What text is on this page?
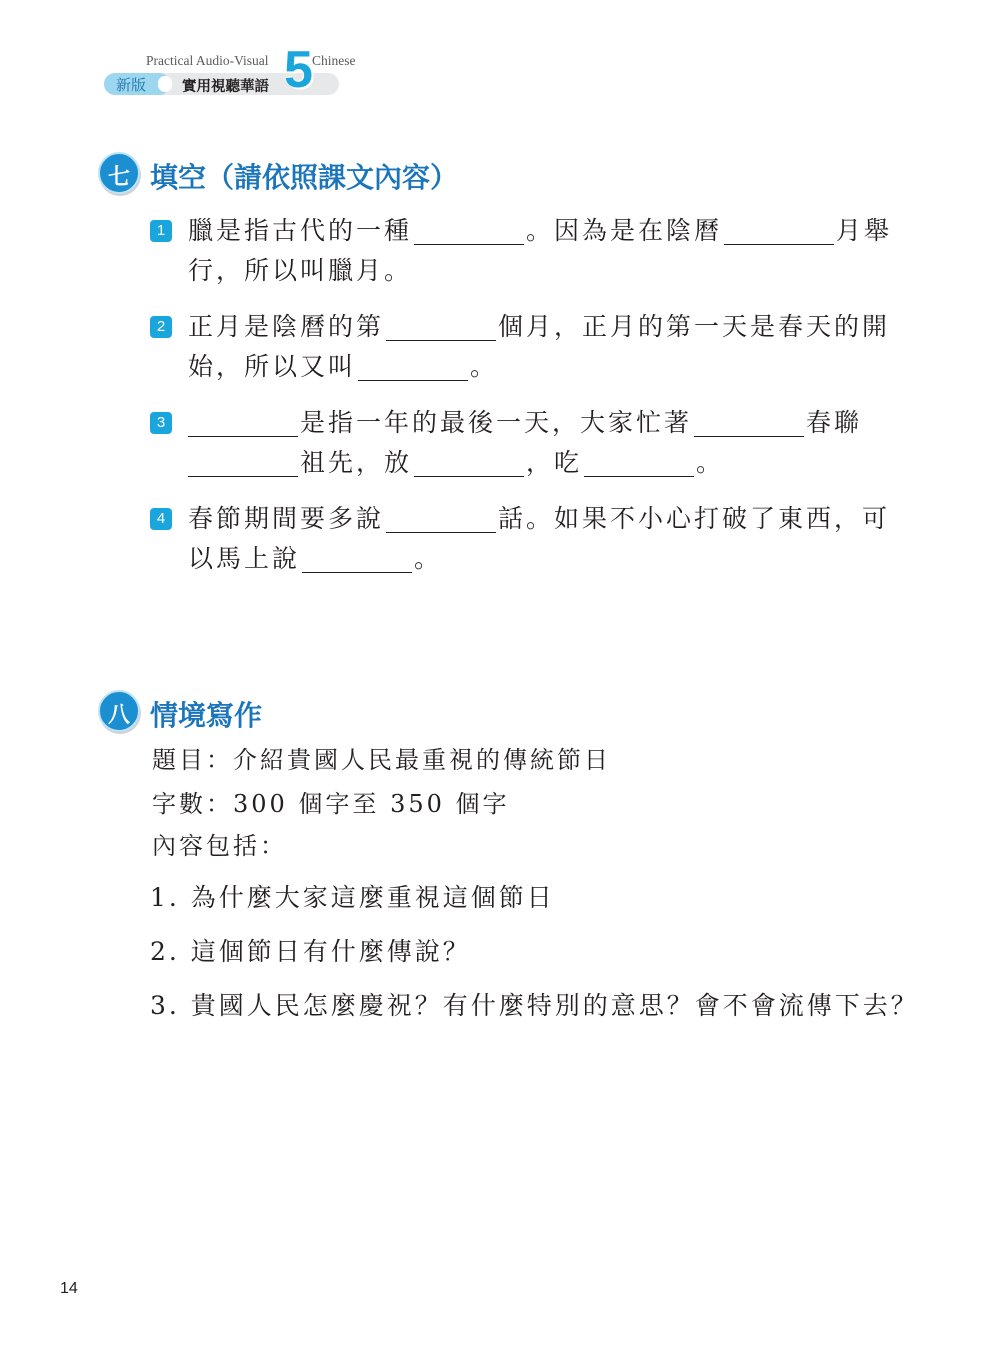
Practical Audio-Visual	Chinese
新版 實用視聽華語 5
七 填空（請依照課文內容）
1 臘是指古代的一種	。因為是在陰曆	月舉
行，所以叫臘月。
2 正月是陰曆的第	個月，正月的第一天是春天的開
始，所以又叫	。
3	是指一年的最後一天，大家忙著	春聯
祖先，放	，吃	。
4 春節期間要多說	話。如果不小心打破了東西，可
以馬上說	。
八 情境寫作
題目：介紹貴國人民最重視的傳統節日
字數：300 個字至 350 個字
內容包括：
1. 為什麼大家這麼重視這個節日
2. 這個節日有什麼傳說？
3. 貴國人民怎麼慶祝？有什麼特別的意思？會不會流傳下去？
14
